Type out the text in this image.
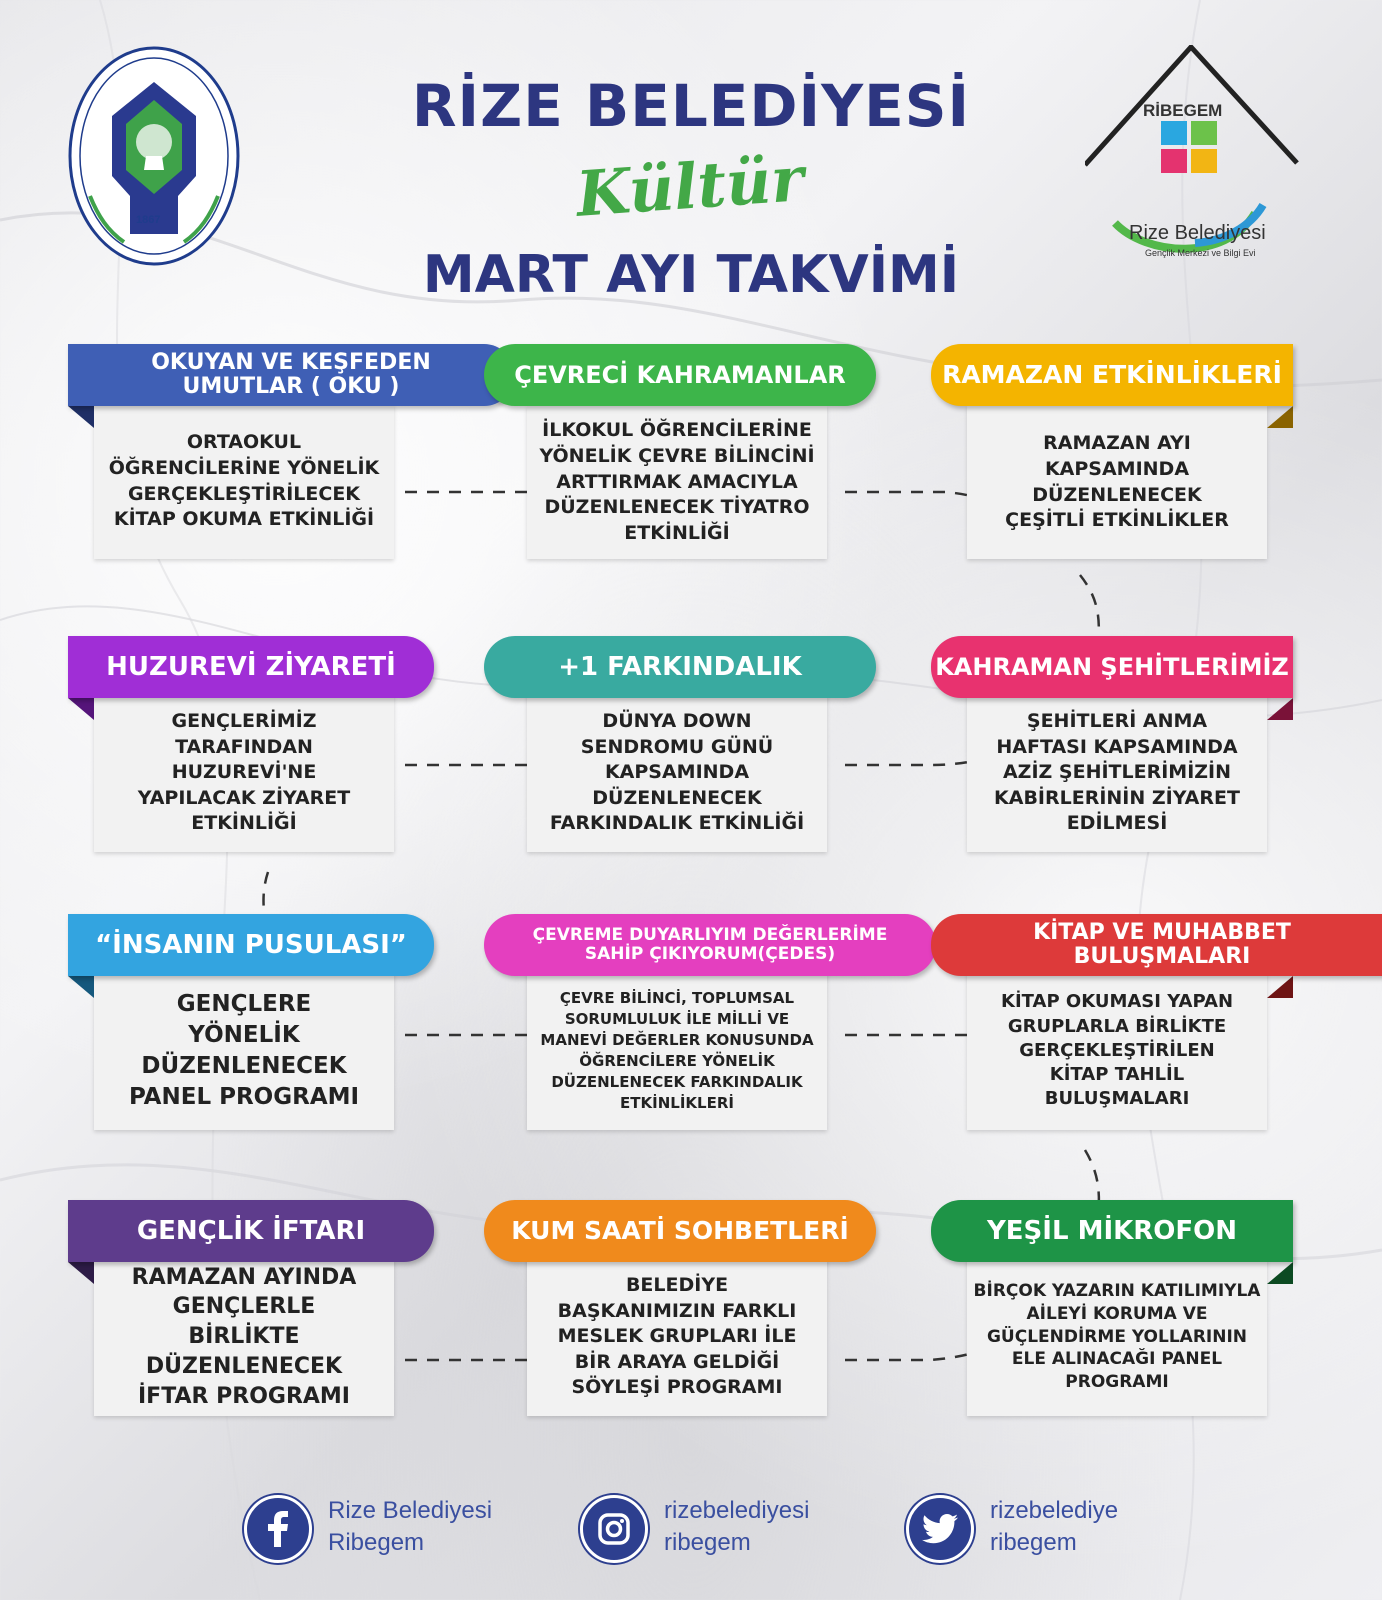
1867
RİZE BELEDİYESİ
Kültür
MART AYI TAKVİMİ
RİBEGEM
Rize Belediyesi
Gençlik Merkezi ve Bilgi Evi
OKUYAN VE KEŞFEDEN UMUTLAR ( OKU )
ORTAOKUL ÖĞRENCİLERİNE YÖNELİK GERÇEKLEŞTİRİLECEK KİTAP OKUMA ETKİNLİĞİ
ÇEVRECİ KAHRAMANLAR
İLKOKUL ÖĞRENCİLERİNE YÖNELİK ÇEVRE BİLİNCİNİ ARTTIRMAK AMACIYLA DÜZENLENECEK TİYATRO ETKİNLİĞİ
RAMAZAN ETKİNLİKLERİ
RAMAZAN AYI KAPSAMINDA DÜZENLENECEK ÇEŞİTLİ ETKİNLİKLER
HUZUREVİ ZİYARETİ
GENÇLERİMİZ TARAFINDAN HUZUREVİ'NE YAPILACAK ZİYARET ETKİNLİĞİ
+1 FARKINDALIK
DÜNYA DOWN SENDROMU GÜNÜ KAPSAMINDA DÜZENLENECEK FARKINDALIK ETKİNLİĞİ
KAHRAMAN ŞEHİTLERİMİZ
ŞEHİTLERİ ANMA HAFTASI KAPSAMINDA AZİZ ŞEHİTLERİMİZİN KABİRLERİNİN ZİYARET EDİLMESİ
“İNSANIN PUSULASI”
GENÇLERE YÖNELİK DÜZENLENECEK PANEL PROGRAMI
ÇEVREME DUYARLIYIM DEĞERLERİME SAHİP ÇIKIYORUM(ÇEDES)
ÇEVRE BİLİNCİ, TOPLUMSAL SORUMLULUK İLE MİLLİ VE MANEVİ DEĞERLER KONUSUNDA ÖĞRENCİLERE YÖNELİK DÜZENLENECEK FARKINDALIK ETKİNLİKLERİ
KİTAP VE MUHABBET BULUŞMALARI
KİTAP OKUMASI YAPAN GRUPLARLA BİRLİKTE GERÇEKLEŞTİRİLEN KİTAP TAHLİL BULUŞMALARI
GENÇLİK İFTARI
RAMAZAN AYINDA GENÇLERLE BİRLİKTE DÜZENLENECEK İFTAR PROGRAMI
KUM SAATİ SOHBETLERİ
BELEDİYE BAŞKANIMIZIN FARKLI MESLEK GRUPLARI İLE BİR ARAYA GELDİĞİ SÖYLEŞİ PROGRAMI
YEŞİL MİKROFON
BİRÇOK YAZARIN KATILIMIYLA AİLEYİ KORUMA VE GÜÇLENDİRME YOLLARININ ELE ALINACAĞI PANEL PROGRAMI
Rize Belediyesi
Ribegem
rizebelediyesi
ribegem
rizebelediye
ribegem
